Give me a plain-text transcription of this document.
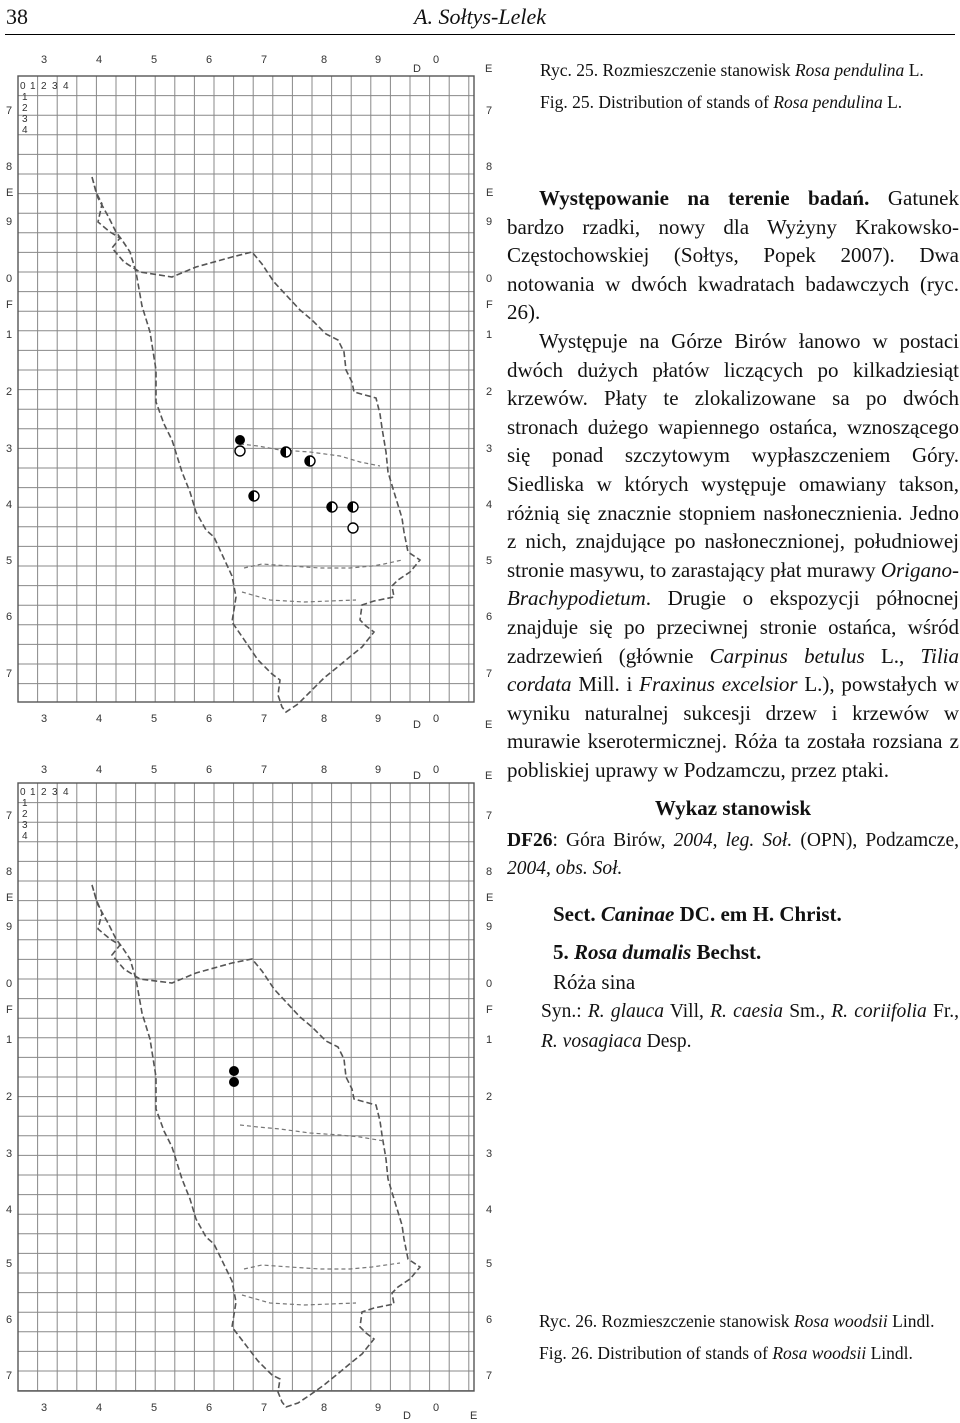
38	A. Sołtys-Lelek
3	4	5	6	7	8	9
D
0
E
0 1 2 3 4
1
2
3
4
7
8
E
9
0
F
1
2
3
4
5
6
7
7
8
E
9
0
F
1
2
3
4
5
6
7
3	4	5	6	7	8	9	D 0	E
3	4	5	6	7	8	9	D 0	E
0 1 2 3 4
1
2
3
4
7
8
E
9
0
F
1
2
3
4
5
6
7
7
8
E
9
0
F
1
2
3
4
5
6
7
3	4	5	6	7	8	9
D
0
E

Ryc. 25. Rozmieszczenie stanowisk Rosa pendulina L.

Fig. 25. Distribution of stands of Rosa pendulina L.

Występowanie na terenie badań. Gatunek bardzo rzadki, nowy dla Wyżyny Krakowsko-Częstochowskiej (Sołtys, Popek 2007). Dwa notowania w dwóch kwadratach badawczych (ryc. 26).

Występuje na Górze Birów łanowo w postaci dwóch dużych płatów liczących po kilkadziesiąt krzewów. Płaty te zlokalizowane sa po dwóch stronach dużego wapiennego ostańca, wznoszącego się ponad szczytowym wypłaszczeniem Góry. Siedliska w których występuje omawiany takson, różnią się znacznie stopniem nasłonecznienia. Jedno z nich, znajdujące po nasłonecznionej, południowej stronie masywu, to zarastający płat murawy Origano-Brachypodietum. Drugie o ekspozycji północnej znajduje się po przeciwnej stronie ostańca, wśród zadrzewień (głównie Carpinus betulus L., Tilia cordata Mill. i Fraxinus excelsior L.), powstałych w wyniku naturalnej sukcesji drzew i krzewów w murawie kserotermicznej. Róża ta została rozsiana z pobliskiej uprawy w Podzamczu, przez ptaki.

Wykaz stanowisk

DF26: Góra Birów, 2004, leg. Soł. (OPN), Podzamcze, 2004, obs. Soł.

Sect. Caninae DC. em H. Christ.

5. Rosa dumalis Bechst.

Róża sina

Syn.: R. glauca Vill, R. caesia Sm., R. coriifolia Fr., R. vosagiaca Desp.

Ryc. 26. Rozmieszczenie stanowisk Rosa woodsii Lindl.

Fig. 26. Distribution of stands of Rosa woodsii Lindl.
